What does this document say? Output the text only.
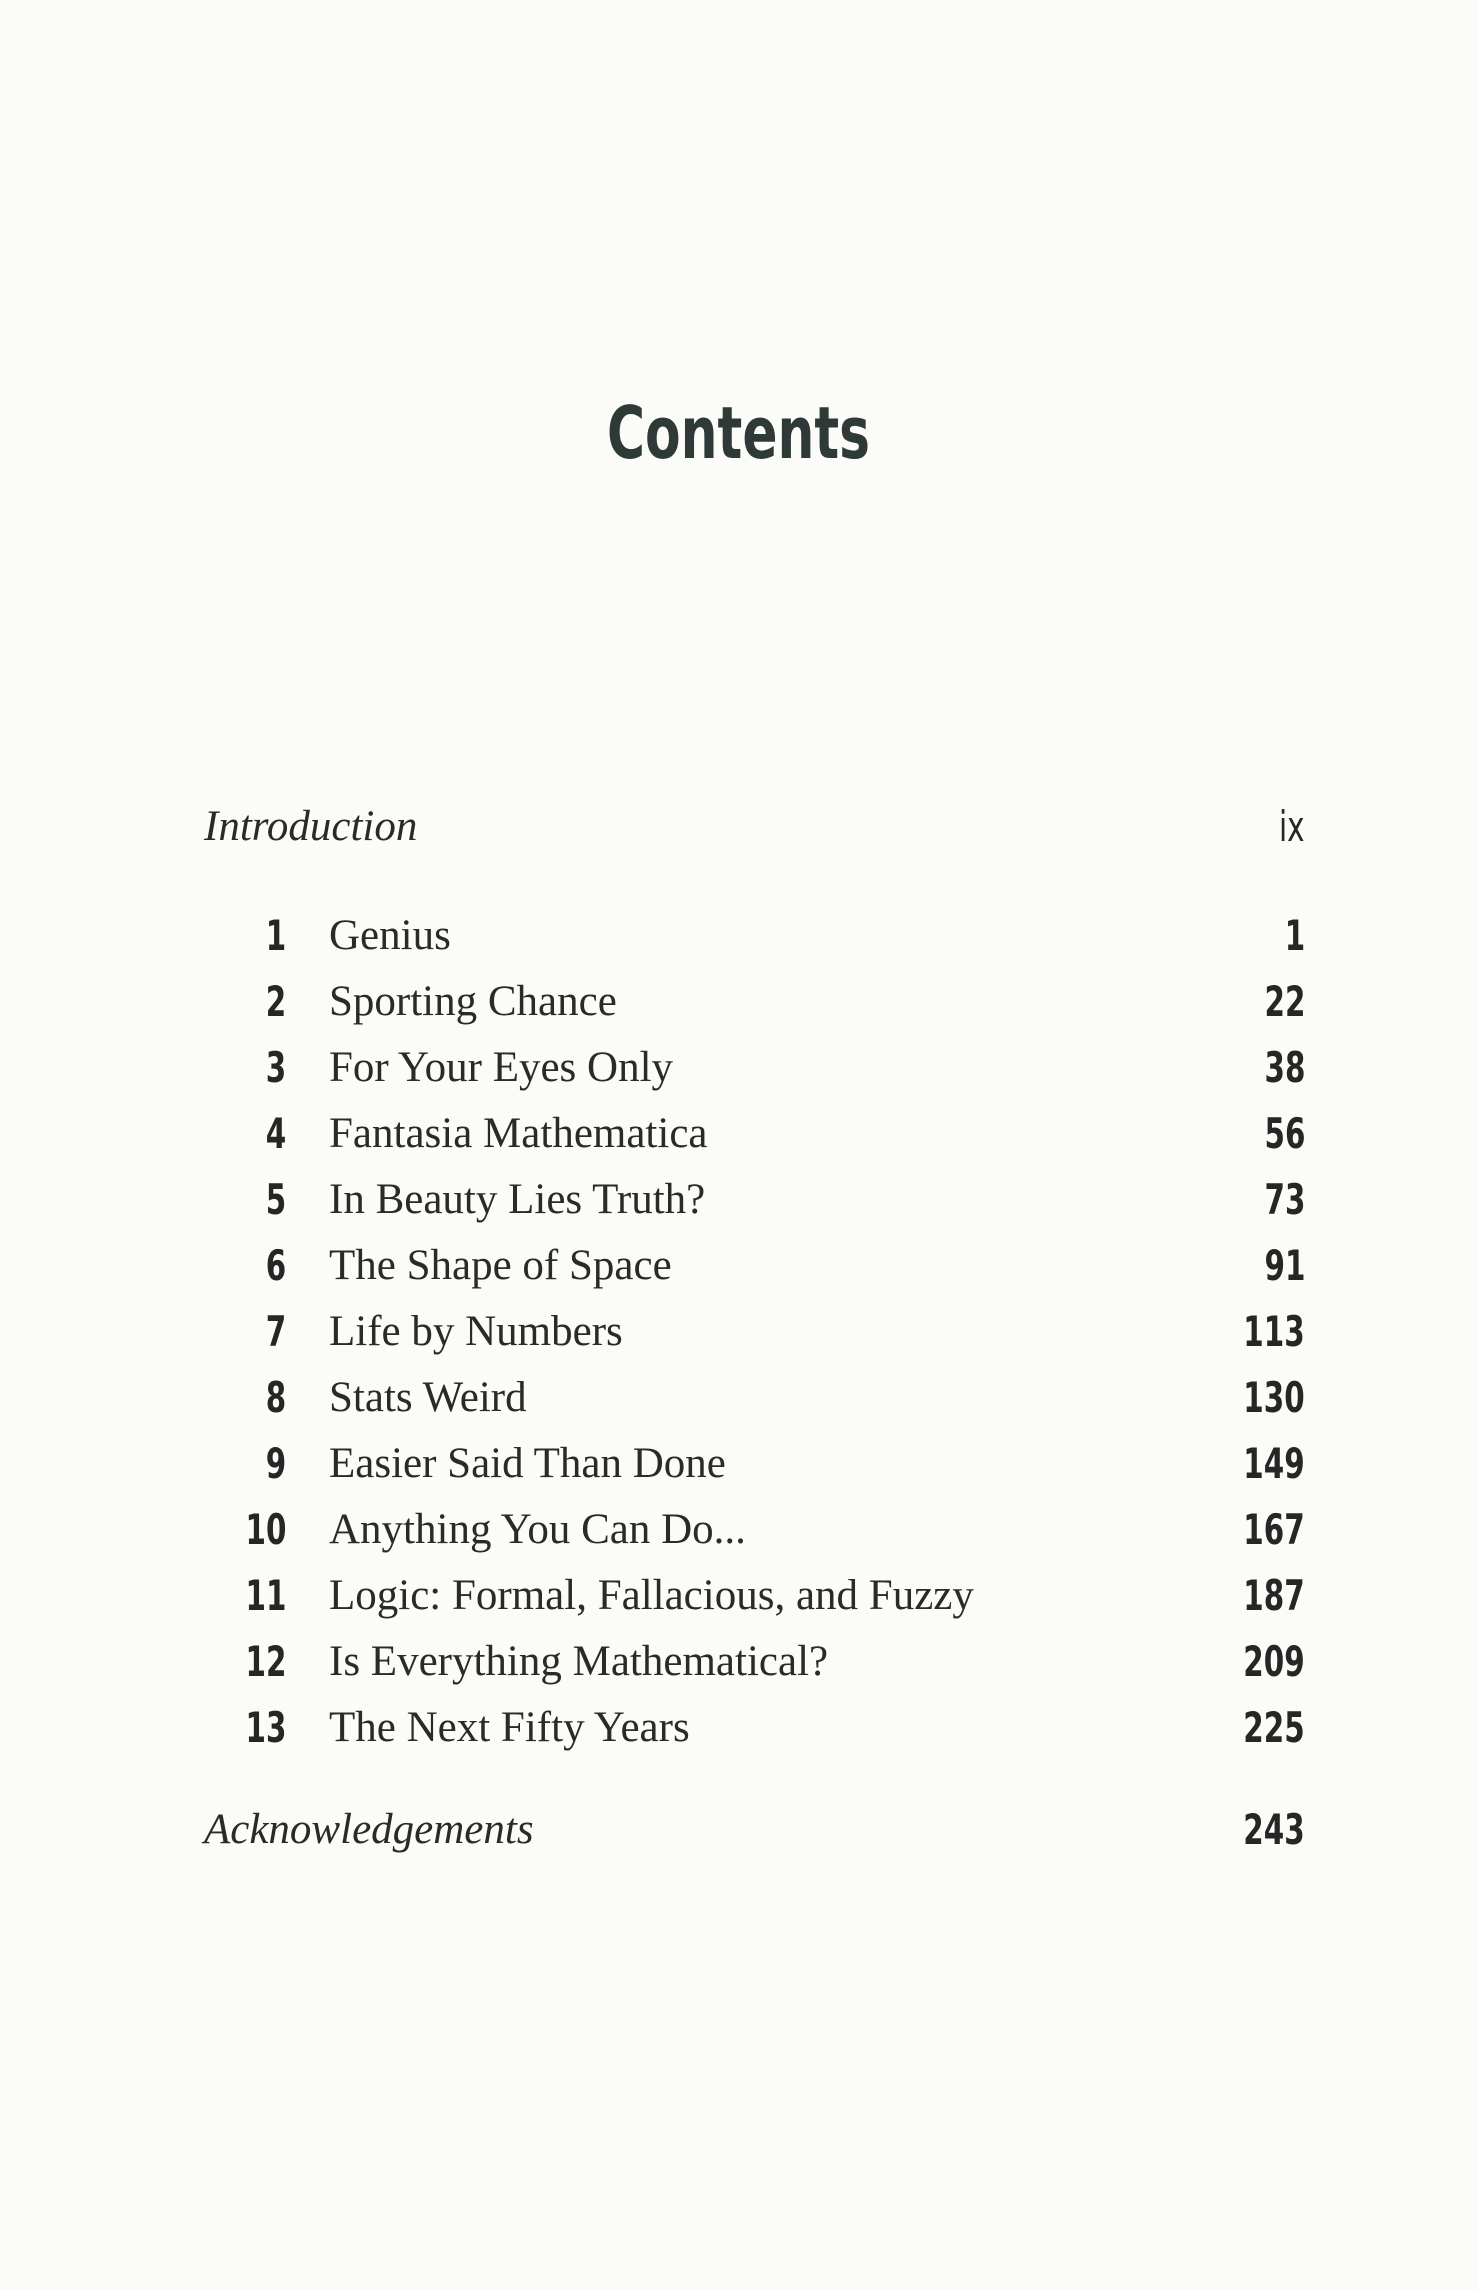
Contents
Introduction	ix
1 Genius	1
2 Sporting Chance	22
3 For Your Eyes Only	38
4 Fantasia Mathematica	56
5 In Beauty Lies Truth?	73
6 The Shape of Space	91
7 Life by Numbers	113
8 Stats Weird	130
9 Easier Said Than Done	149
10 Anything You Can Do...	167
11 Logic: Formal, Fallacious, and Fuzzy	187
12 Is Everything Mathematical?	209
13 The Next Fifty Years	225
Acknowledgements	243
